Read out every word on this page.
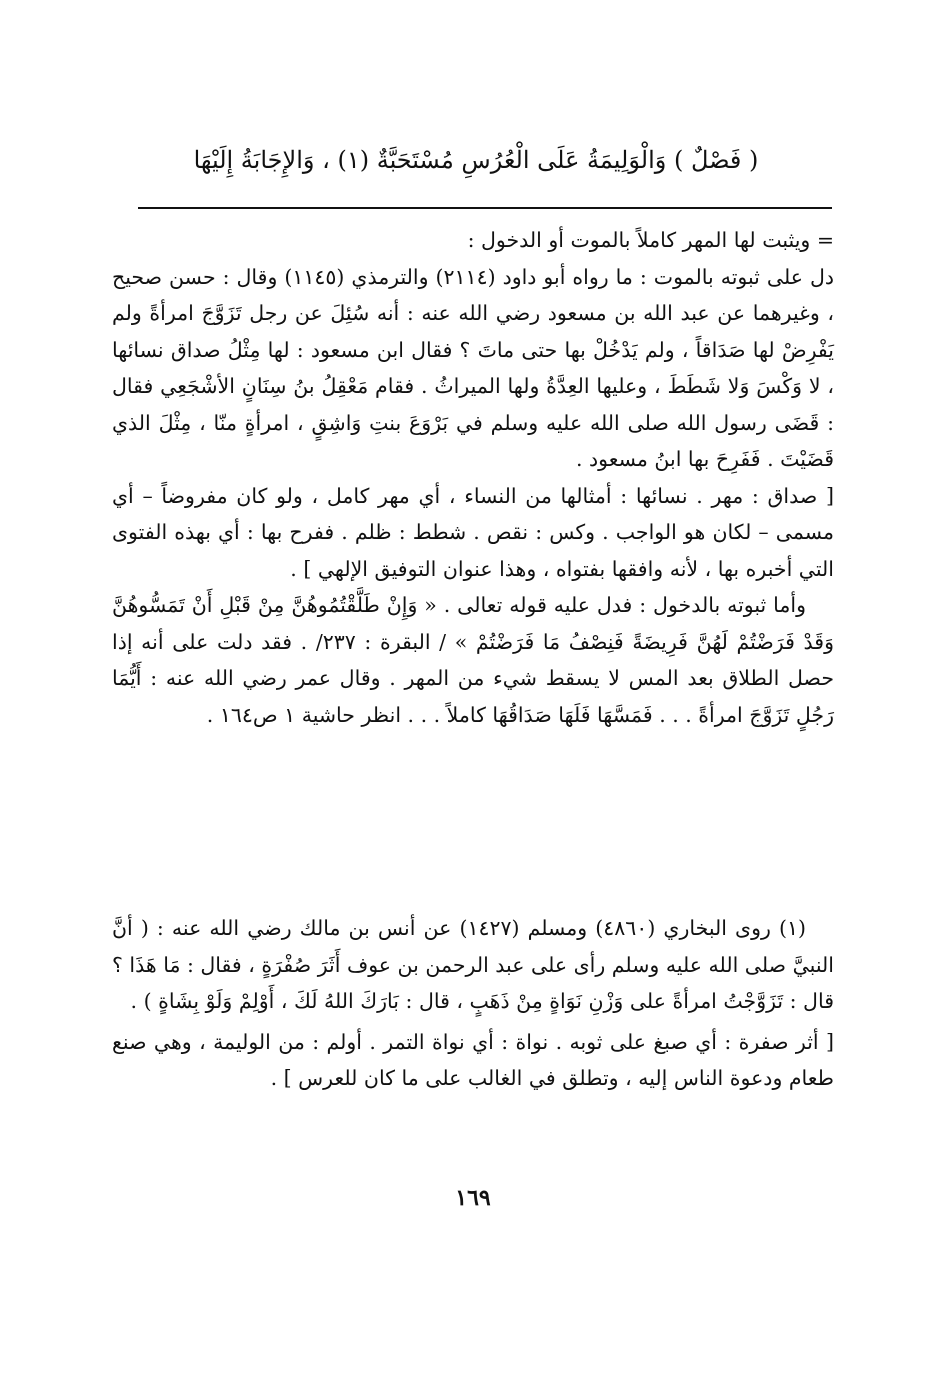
( فَصْلٌ ) وَالْوَلِيمَةُ عَلَى الْعُرُسِ مُسْتَحَبَّةٌ (١) ، وَالإِجَابَةُ إِلَيْهَا

= ويثبت لها المهر كاملاً بالموت أو الدخول :

دل على ثبوته بالموت : ما رواه أبو داود (٢١١٤) والترمذي (١١٤٥) وقال : حسن صحيح ، وغيرهما عن عبد الله بن مسعود رضي الله عنه : أنه سُئِلَ عن رجل تَزَوَّجَ امرأةً ولم يَفْرِضْ لها صَدَاقاً ، ولم يَدْخُلْ بها حتى ماتَ ؟ فقال ابن مسعود : لها مِثْلُ صداق نسائها ، لا وَكْسَ وَلا شَطَطَ ، وعليها العِدَّةُ ولها الميراثُ . فقام مَعْقِلُ بنُ سِنَانٍ الأشْجَعِي فقال : قَضَى رسول الله صلى الله عليه وسلم في بَرْوَعَ بنتِ وَاشِقٍ ، امرأةٍ منّا ، مِثْلَ الذي قَضَيْتَ . فَفَرِحَ بها ابنُ مسعود .

[ صداق : مهر . نسائها : أمثالها من النساء ، أي مهر كامل ، ولو كان مفروضاً – أي مسمى – لكان هو الواجب . وكس : نقص . شطط : ظلم . ففرح بها : أي بهذه الفتوى التي أخبره بها ، لأنه وافقها بفتواه ، وهذا عنوان التوفيق الإلهي ] .

وأما ثبوته بالدخول : فدل عليه قوله تعالى . « وَإِنْ طَلَّقْتُمُوهُنَّ مِنْ قَبْلِ أَنْ تَمَسُّوهُنَّ وَقَدْ فَرَضْتُمْ لَهُنَّ فَرِيضَةً فَنِصْفُ مَا فَرَضْتُمْ » / البقرة : ٢٣٧/ . فقد دلت على أنه إذا حصل الطلاق بعد المس لا يسقط شيء من المهر . وقال عمر رضي الله عنه : أَيُّمَا رَجُلٍ تَزَوَّجَ امرأةً . . . فَمَسَّهَا فَلَهَا صَدَاقُهَا كاملاً . . . انظر حاشية ١ ص١٦٤ .

(١) روى البخاري (٤٨٦٠) ومسلم (١٤٢٧) عن أنس بن مالك رضي الله عنه : ( أنَّ النبيَّ صلى الله عليه وسلم رأى على عبد الرحمن بن عوف أَثَرَ صُفْرَةٍ ، فقال : مَا هَذَا ؟ قال : تَزَوَّجْتُ امرأةً على وَزْنِ نَوَاةٍ مِنْ ذَهَبٍ ، قال : بَارَكَ اللهُ لَكَ ، أَوْلِمْ وَلَوْ بِشَاةٍ ) .

[ أثر صفرة : أي صبغ على ثوبه . نواة : أي نواة التمر . أولم : من الوليمة ، وهي صنع طعام ودعوة الناس إليه ، وتطلق في الغالب على ما كان للعرس ] .

١٦٩
